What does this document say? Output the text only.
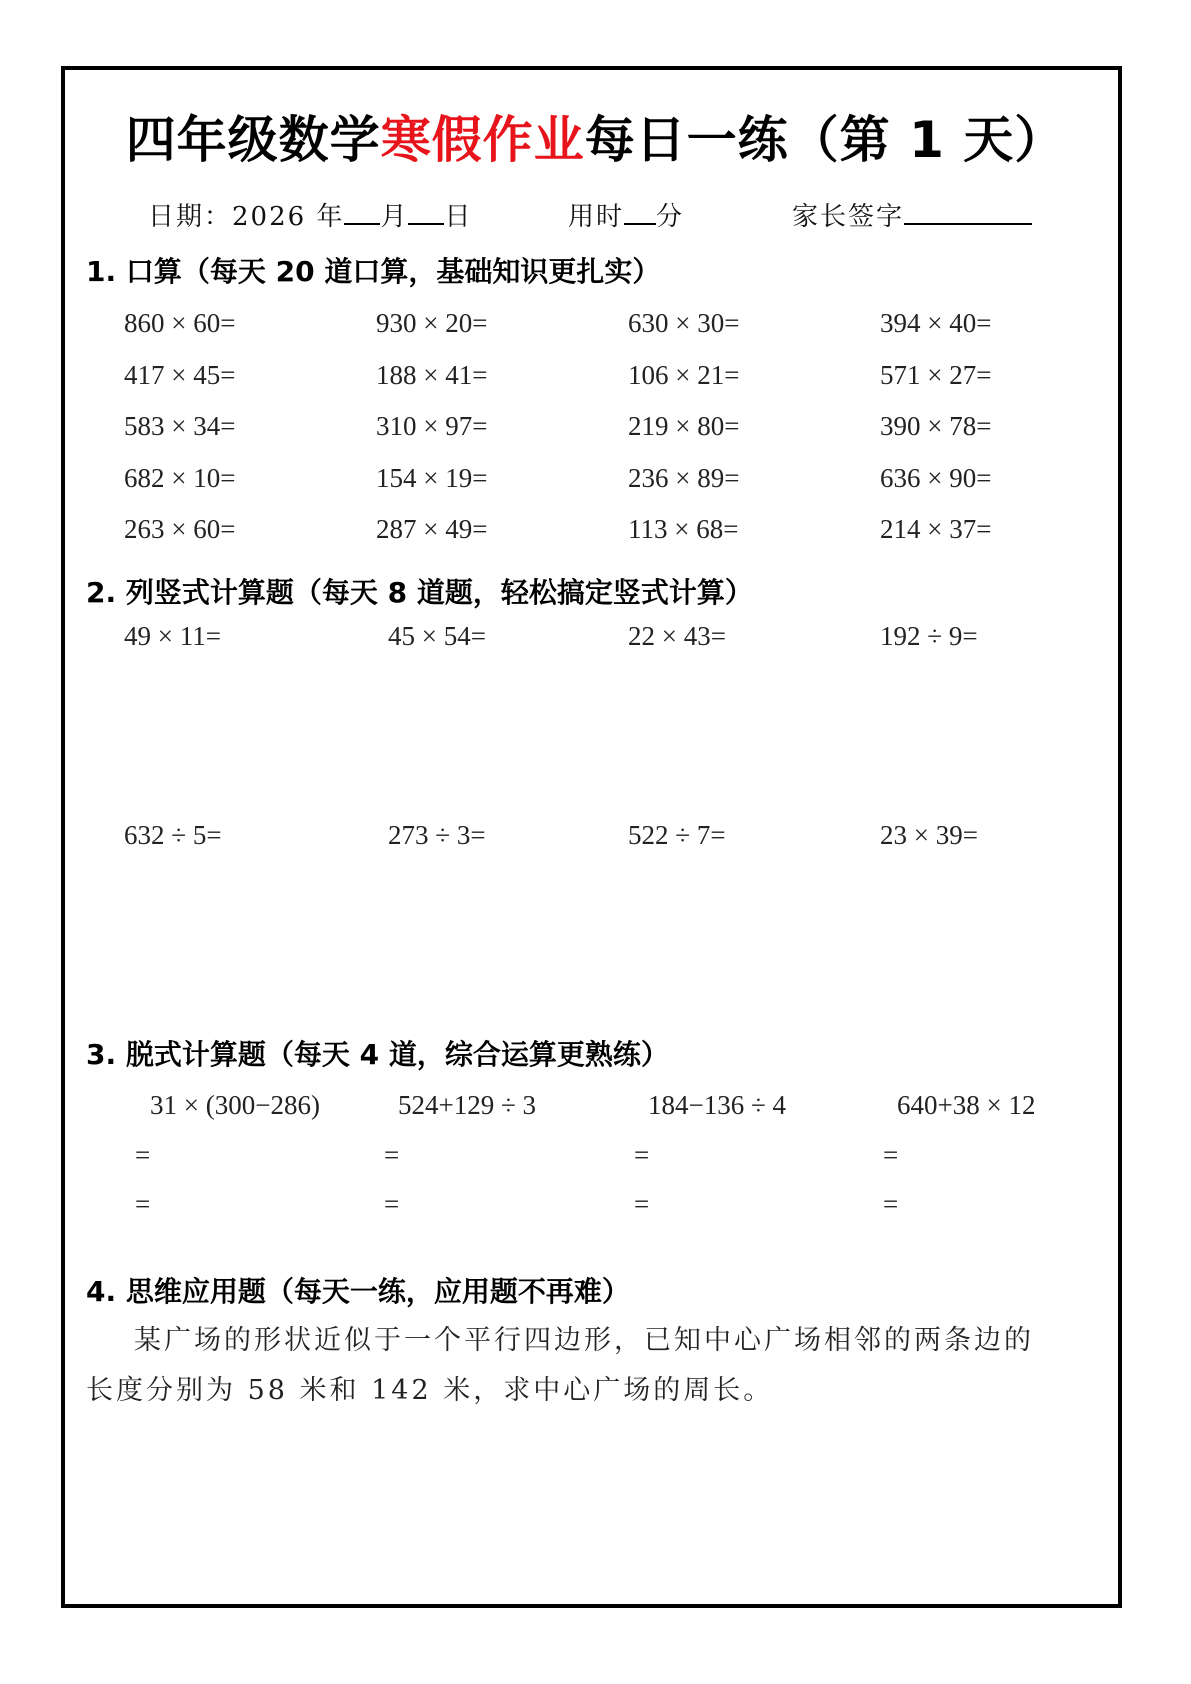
四年级数学寒假作业每日一练（第 1 天）
日期：2026 年 月 日	用时 分	家长签字
1. 口算（每天 20 道口算，基础知识更扎实）
860 × 60=	930 × 20=	630 × 30=	394 × 40=
417 × 45=	188 × 41=	106 × 21=	571 × 27=
583 × 34=	310 × 97=	219 × 80=	390 × 78=
682 × 10=	154 × 19=	236 × 89=	636 × 90=
263 × 60=	287 × 49=	113 × 68=	214 × 37=
2. 列竖式计算题（每天 8 道题，轻松搞定竖式计算）
49 × 11=	45 × 54=	22 × 43=	192 ÷ 9=
632 ÷ 5=	273 ÷ 3=	522 ÷ 7=	23 × 39=
3. 脱式计算题（每天 4 道，综合运算更熟练）
31 × (300−286)	524+129 ÷ 3	184−136 ÷ 4	640+38 × 12
=	=	=	=
=	=	=	=
4. 思维应用题（每天一练，应用题不再难）
某广场的形状近似于一个平行四边形，已知中心广场相邻的两条边的
长度分别为 58 米和 142 米，求中心广场的周长。
